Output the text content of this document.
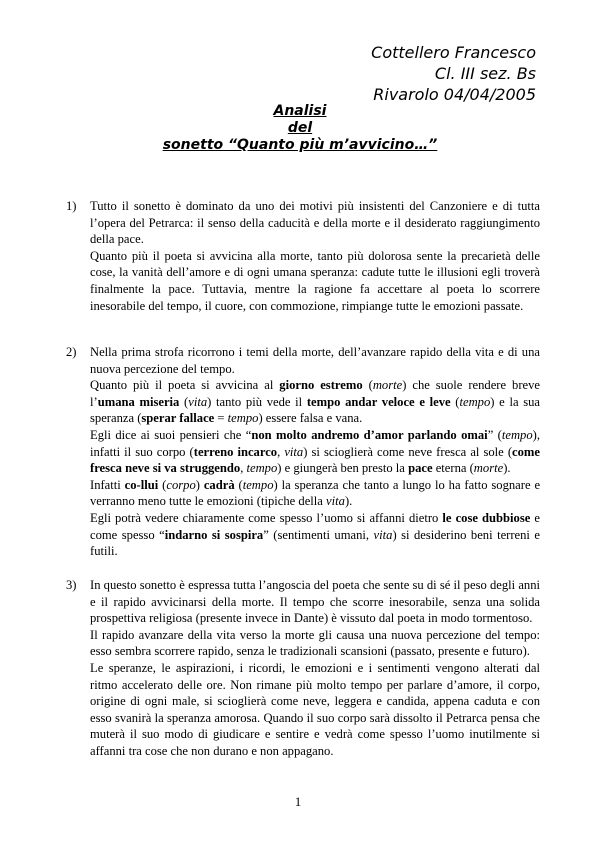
Cottellero Francesco
Cl. III sez. Bs
Rivarolo 04/04/2005
Analisi
del
sonetto “Quanto più m’avvicino…”
1)	Tutto il sonetto è dominato da uno dei motivi più insistenti del Canzoniere e di tutta l’opera del Petrarca: il senso della caducità e della morte e il desiderato raggiungimento della pace.

Quanto più il poeta si avvicina alla morte, tanto più dolorosa sente la precarietà delle cose, la vanità dell’amore e di ogni umana speranza: cadute tutte le illusioni egli troverà finalmente la pace. Tuttavia, mentre la ragione fa accettare al poeta lo scorrere inesorabile del tempo, il cuore, con commozione, rimpiange tutte le emozioni passate.

2)	Nella prima strofa ricorrono i temi della morte, dell’avanzare rapido della vita e di una nuova percezione del tempo.

Quanto più il poeta si avvicina al giorno estremo (morte) che suole rendere breve l’umana miseria (vita) tanto più vede il tempo andar veloce e leve (tempo) e la sua speranza (sperar fallace = tempo) essere falsa e vana.

Egli dice ai suoi pensieri che “non molto andremo d’amor parlando omai” (tempo), infatti il suo corpo (terreno incarco, vita) si scioglierà come neve fresca al sole (come fresca neve si va struggendo, tempo) e giungerà ben presto la pace eterna (morte).

Infatti co-llui (corpo) cadrà (tempo) la speranza che tanto a lungo lo ha fatto sognare e verranno meno tutte le emozioni (tipiche della vita).

Egli potrà vedere chiaramente come spesso l’uomo si affanni dietro le cose dubbiose e come spesso “indarno si sospira” (sentimenti umani, vita) si desiderino beni terreni e futili.

3)	In questo sonetto è espressa tutta l’angoscia del poeta che sente su di sé il peso degli anni e il rapido avvicinarsi della morte. Il tempo che scorre inesorabile, senza una solida prospettiva religiosa (presente invece in Dante) è vissuto dal poeta in modo tormentoso.

Il rapido avanzare della vita verso la morte gli causa una nuova percezione del tempo: esso sembra scorrere rapido, senza le tradizionali scansioni (passato, presente e futuro).

Le speranze, le aspirazioni, i ricordi, le emozioni e i sentimenti vengono alterati dal ritmo accelerato delle ore. Non rimane più molto tempo per parlare d’amore, il corpo, origine di ogni male, si scioglierà come neve, leggera e candida, appena caduta e con esso svanirà la speranza amorosa. Quando il suo corpo sarà dissolto il Petrarca pensa che muterà il suo modo di giudicare e sentire e vedrà come spesso l’uomo inutilmente si affanni tra cose che non durano e non appagano.

1
